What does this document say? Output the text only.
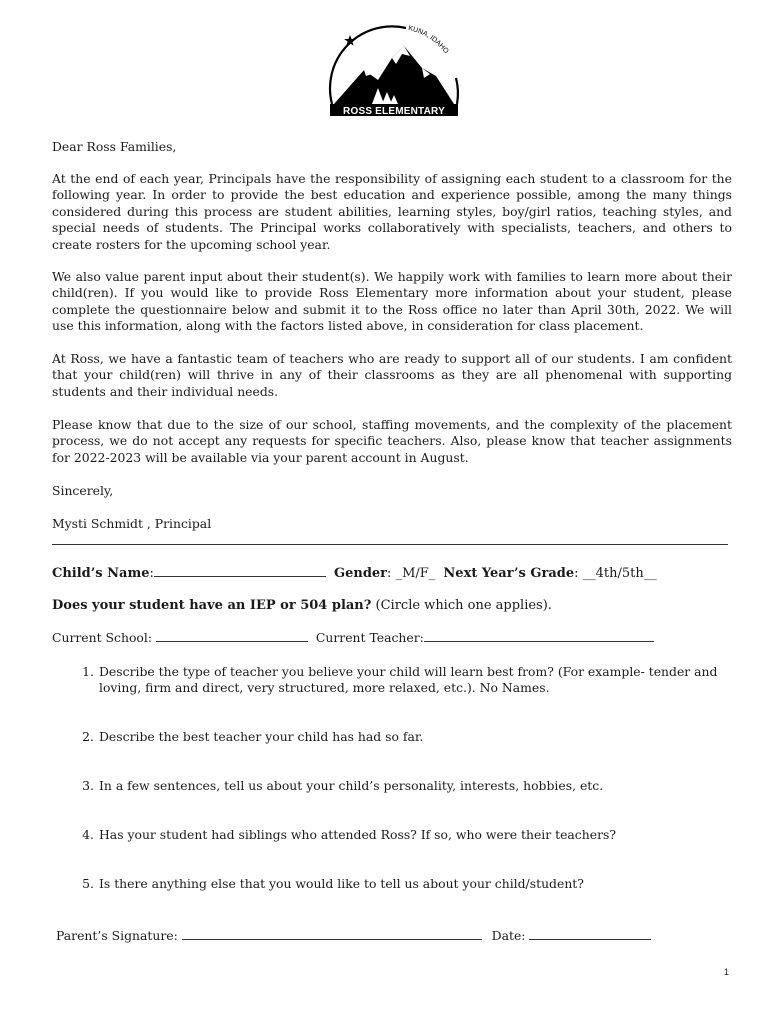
KUNA, IDAHO
ROSS ELEMENTARY

Dear Ross Families,

At the end of each year, Principals have the responsibility of assigning each student to a classroom for the following year. In order to provide the best education and experience possible, among the many things considered during this process are student abilities, learning styles, boy/girl ratios, teaching styles, and special needs of students. The Principal works collaboratively with specialists, teachers, and others to create rosters for the upcoming school year.

We also value parent input about their student(s). We happily work with families to learn more about their child(ren). If you would like to provide Ross Elementary more information about your student, please complete the questionnaire below and submit it to the Ross office no later than April 30th, 2022. We will use this information, along with the factors listed above, in consideration for class placement.

At Ross, we have a fantastic team of teachers who are ready to support all of our students. I am confident that your child(ren) will thrive in any of their classrooms as they are all phenomenal with supporting students and their individual needs.

Please know that due to the size of our school, staffing movements, and the complexity of the placement process, we do not accept any requests for specific teachers. Also, please know that teacher assignments for 2022-2023 will be available via your parent account in August.

Sincerely,

Mysti Schmidt , Principal

Child’s Name:	Gender: _M/F_ Next Year’s Grade: __4th/5th__
Does your student have an IEP or 504 plan? (Circle which one applies).
Current School:	Current Teacher:
1. Describe the type of teacher you believe your child will learn best from? (For example- tender and loving, firm and direct, very structured, more relaxed, etc.). No Names.
2. Describe the best teacher your child has had so far.
3. In a few sentences, tell us about your child’s personality, interests, hobbies, etc.
4. Has your student had siblings who attended Ross? If so, who were their teachers?
5. Is there anything else that you would like to tell us about your child/student?
Parent’s Signature:	Date:
1
